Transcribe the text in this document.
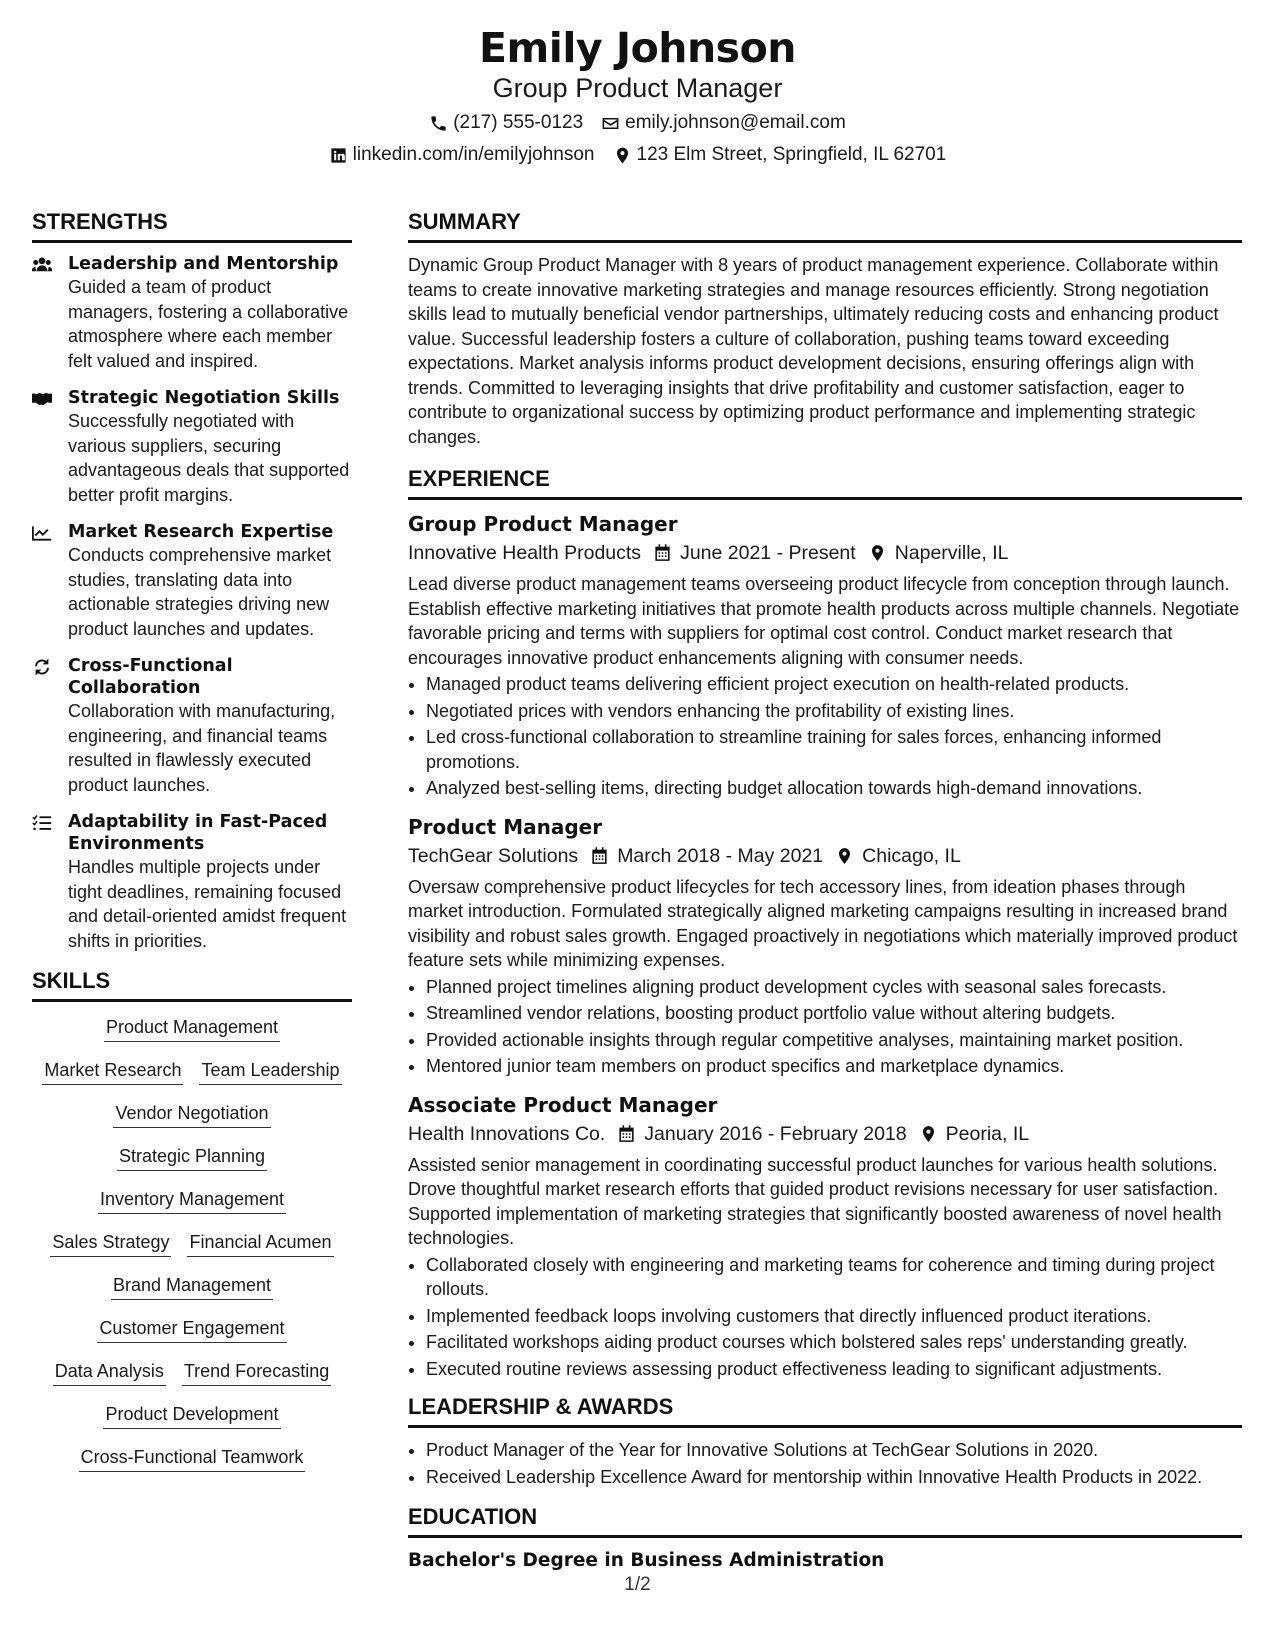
Emily Johnson
Group Product Manager
(217) 555-0123 emily.johnson@email.com
linkedin.com/in/emilyjohnson 123 Elm Street, Springfield, IL 62701
STRENGTHS
Leadership and Mentorship
Guided a team of product managers, fostering a collaborative atmosphere where each member felt valued and inspired.
Strategic Negotiation Skills
Successfully negotiated with various suppliers, securing advantageous deals that supported better profit margins.
Market Research Expertise
Conducts comprehensive market studies, translating data into actionable strategies driving new product launches and updates.
Cross-Functional Collaboration
Collaboration with manufacturing, engineering, and financial teams resulted in flawlessly executed product launches.
Adaptability in Fast-Paced Environments
Handles multiple projects under tight deadlines, remaining focused and detail-oriented amidst frequent shifts in priorities.
SKILLS
Product Management
Market Research Team Leadership
Vendor Negotiation
Strategic Planning
Inventory Management
Sales Strategy Financial Acumen
Brand Management
Customer Engagement
Data Analysis Trend Forecasting
Product Development
Cross-Functional Teamwork
SUMMARY
Dynamic Group Product Manager with 8 years of product management experience. Collaborate within teams to create innovative marketing strategies and manage resources efficiently. Strong negotiation skills lead to mutually beneficial vendor partnerships, ultimately reducing costs and enhancing product value. Successful leadership fosters a culture of collaboration, pushing teams toward exceeding expectations. Market analysis informs product development decisions, ensuring offerings align with trends. Committed to leveraging insights that drive profitability and customer satisfaction, eager to contribute to organizational success by optimizing product performance and implementing strategic changes.
EXPERIENCE
Group Product Manager
Innovative Health Products June 2021 - Present Naperville, IL
Lead diverse product management teams overseeing product lifecycle from conception through launch. Establish effective marketing initiatives that promote health products across multiple channels. Negotiate favorable pricing and terms with suppliers for optimal cost control. Conduct market research that encourages innovative product enhancements aligning with consumer needs.
• Managed product teams delivering efficient project execution on health-related products.
• Negotiated prices with vendors enhancing the profitability of existing lines.
• Led cross-functional collaboration to streamline training for sales forces, enhancing informed promotions.
• Analyzed best-selling items, directing budget allocation towards high-demand innovations.
Product Manager
TechGear Solutions March 2018 - May 2021 Chicago, IL
Oversaw comprehensive product lifecycles for tech accessory lines, from ideation phases through market introduction. Formulated strategically aligned marketing campaigns resulting in increased brand visibility and robust sales growth. Engaged proactively in negotiations which materially improved product feature sets while minimizing expenses.
• Planned project timelines aligning product development cycles with seasonal sales forecasts.
• Streamlined vendor relations, boosting product portfolio value without altering budgets.
• Provided actionable insights through regular competitive analyses, maintaining market position.
• Mentored junior team members on product specifics and marketplace dynamics.
Associate Product Manager
Health Innovations Co. January 2016 - February 2018 Peoria, IL
Assisted senior management in coordinating successful product launches for various health solutions. Drove thoughtful market research efforts that guided product revisions necessary for user satisfaction. Supported implementation of marketing strategies that significantly boosted awareness of novel health technologies.
• Collaborated closely with engineering and marketing teams for coherence and timing during project rollouts.
• Implemented feedback loops involving customers that directly influenced product iterations.
• Facilitated workshops aiding product courses which bolstered sales reps' understanding greatly.
• Executed routine reviews assessing product effectiveness leading to significant adjustments.
LEADERSHIP & AWARDS
• Product Manager of the Year for Innovative Solutions at TechGear Solutions in 2020.
• Received Leadership Excellence Award for mentorship within Innovative Health Products in 2022.
EDUCATION
Bachelor's Degree in Business Administration
1/2
